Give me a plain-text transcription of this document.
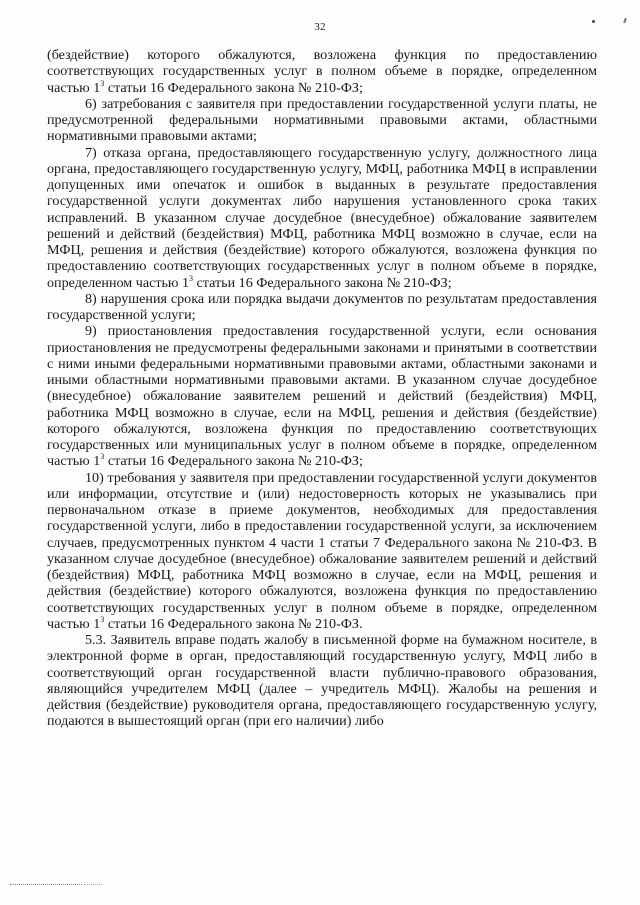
32

(бездействие) которого обжалуются, возложена функция по предоставлению соответствующих государственных услуг в полном объеме в порядке, определенном частью $1^3$ статьи 16 Федерального закона № 210-ФЗ;

6) затребования с заявителя при предоставлении государственной услуги платы, не предусмотренной федеральными нормативными правовыми актами, областными нормативными правовыми актами;

7) отказа органа, предоставляющего государственную услугу, должностного лица органа, предоставляющего государственную услугу, МФЦ, работника МФЦ в исправлении допущенных ими опечаток и ошибок в выданных в результате предоставления государственной услуги документах либо нарушения установленного срока таких исправлений. В указанном случае досудебное (внесудебное) обжалование заявителем решений и действий (бездействия) МФЦ, работника МФЦ возможно в случае, если на МФЦ, решения и действия (бездействие) которого обжалуются, возложена функция по предоставлению соответствующих государственных услуг в полном объеме в порядке, определенном частью $1^3$ статьи 16 Федерального закона № 210-ФЗ;

8) нарушения срока или порядка выдачи документов по результатам предоставления государственной услуги;

9) приостановления предоставления государственной услуги, если основания приостановления не предусмотрены федеральными законами и принятыми в соответствии с ними иными федеральными нормативными правовыми актами, областными законами и иными областными нормативными правовыми актами. В указанном случае досудебное (внесудебное) обжалование заявителем решений и действий (бездействия) МФЦ, работника МФЦ возможно в случае, если на МФЦ, решения и действия (бездействие) которого обжалуются, возложена функция по предоставлению соответствующих государственных или муниципальных услуг в полном объеме в порядке, определенном частью $1^3$ статьи 16 Федерального закона № 210-ФЗ;

10) требования у заявителя при предоставлении государственной услуги документов или информации, отсутствие и (или) недостоверность которых не указывались при первоначальном отказе в приеме документов, необходимых для предоставления государственной услуги, либо в предоставлении государственной услуги, за исключением случаев, предусмотренных пунктом 4 части 1 статьи 7 Федерального закона № 210-ФЗ. В указанном случае досудебное (внесудебное) обжалование заявителем решений и действий (бездействия) МФЦ, работника МФЦ возможно в случае, если на МФЦ, решения и действия (бездействие) которого обжалуются, возложена функция по предоставлению соответствующих государственных услуг в полном объеме в порядке, определенном частью $1^3$ статьи 16 Федерального закона № 210-ФЗ.

5.3. Заявитель вправе подать жалобу в письменной форме на бумажном носителе, в электронной форме в орган, предоставляющий государственную услугу, МФЦ либо в соответствующий орган государственной власти публично-правового образования, являющийся учредителем МФЦ (далее – учредитель МФЦ). Жалобы на решения и действия (бездействие) руководителя органа, предоставляющего государственную услугу, подаются в вышестоящий орган (при его наличии) либо
